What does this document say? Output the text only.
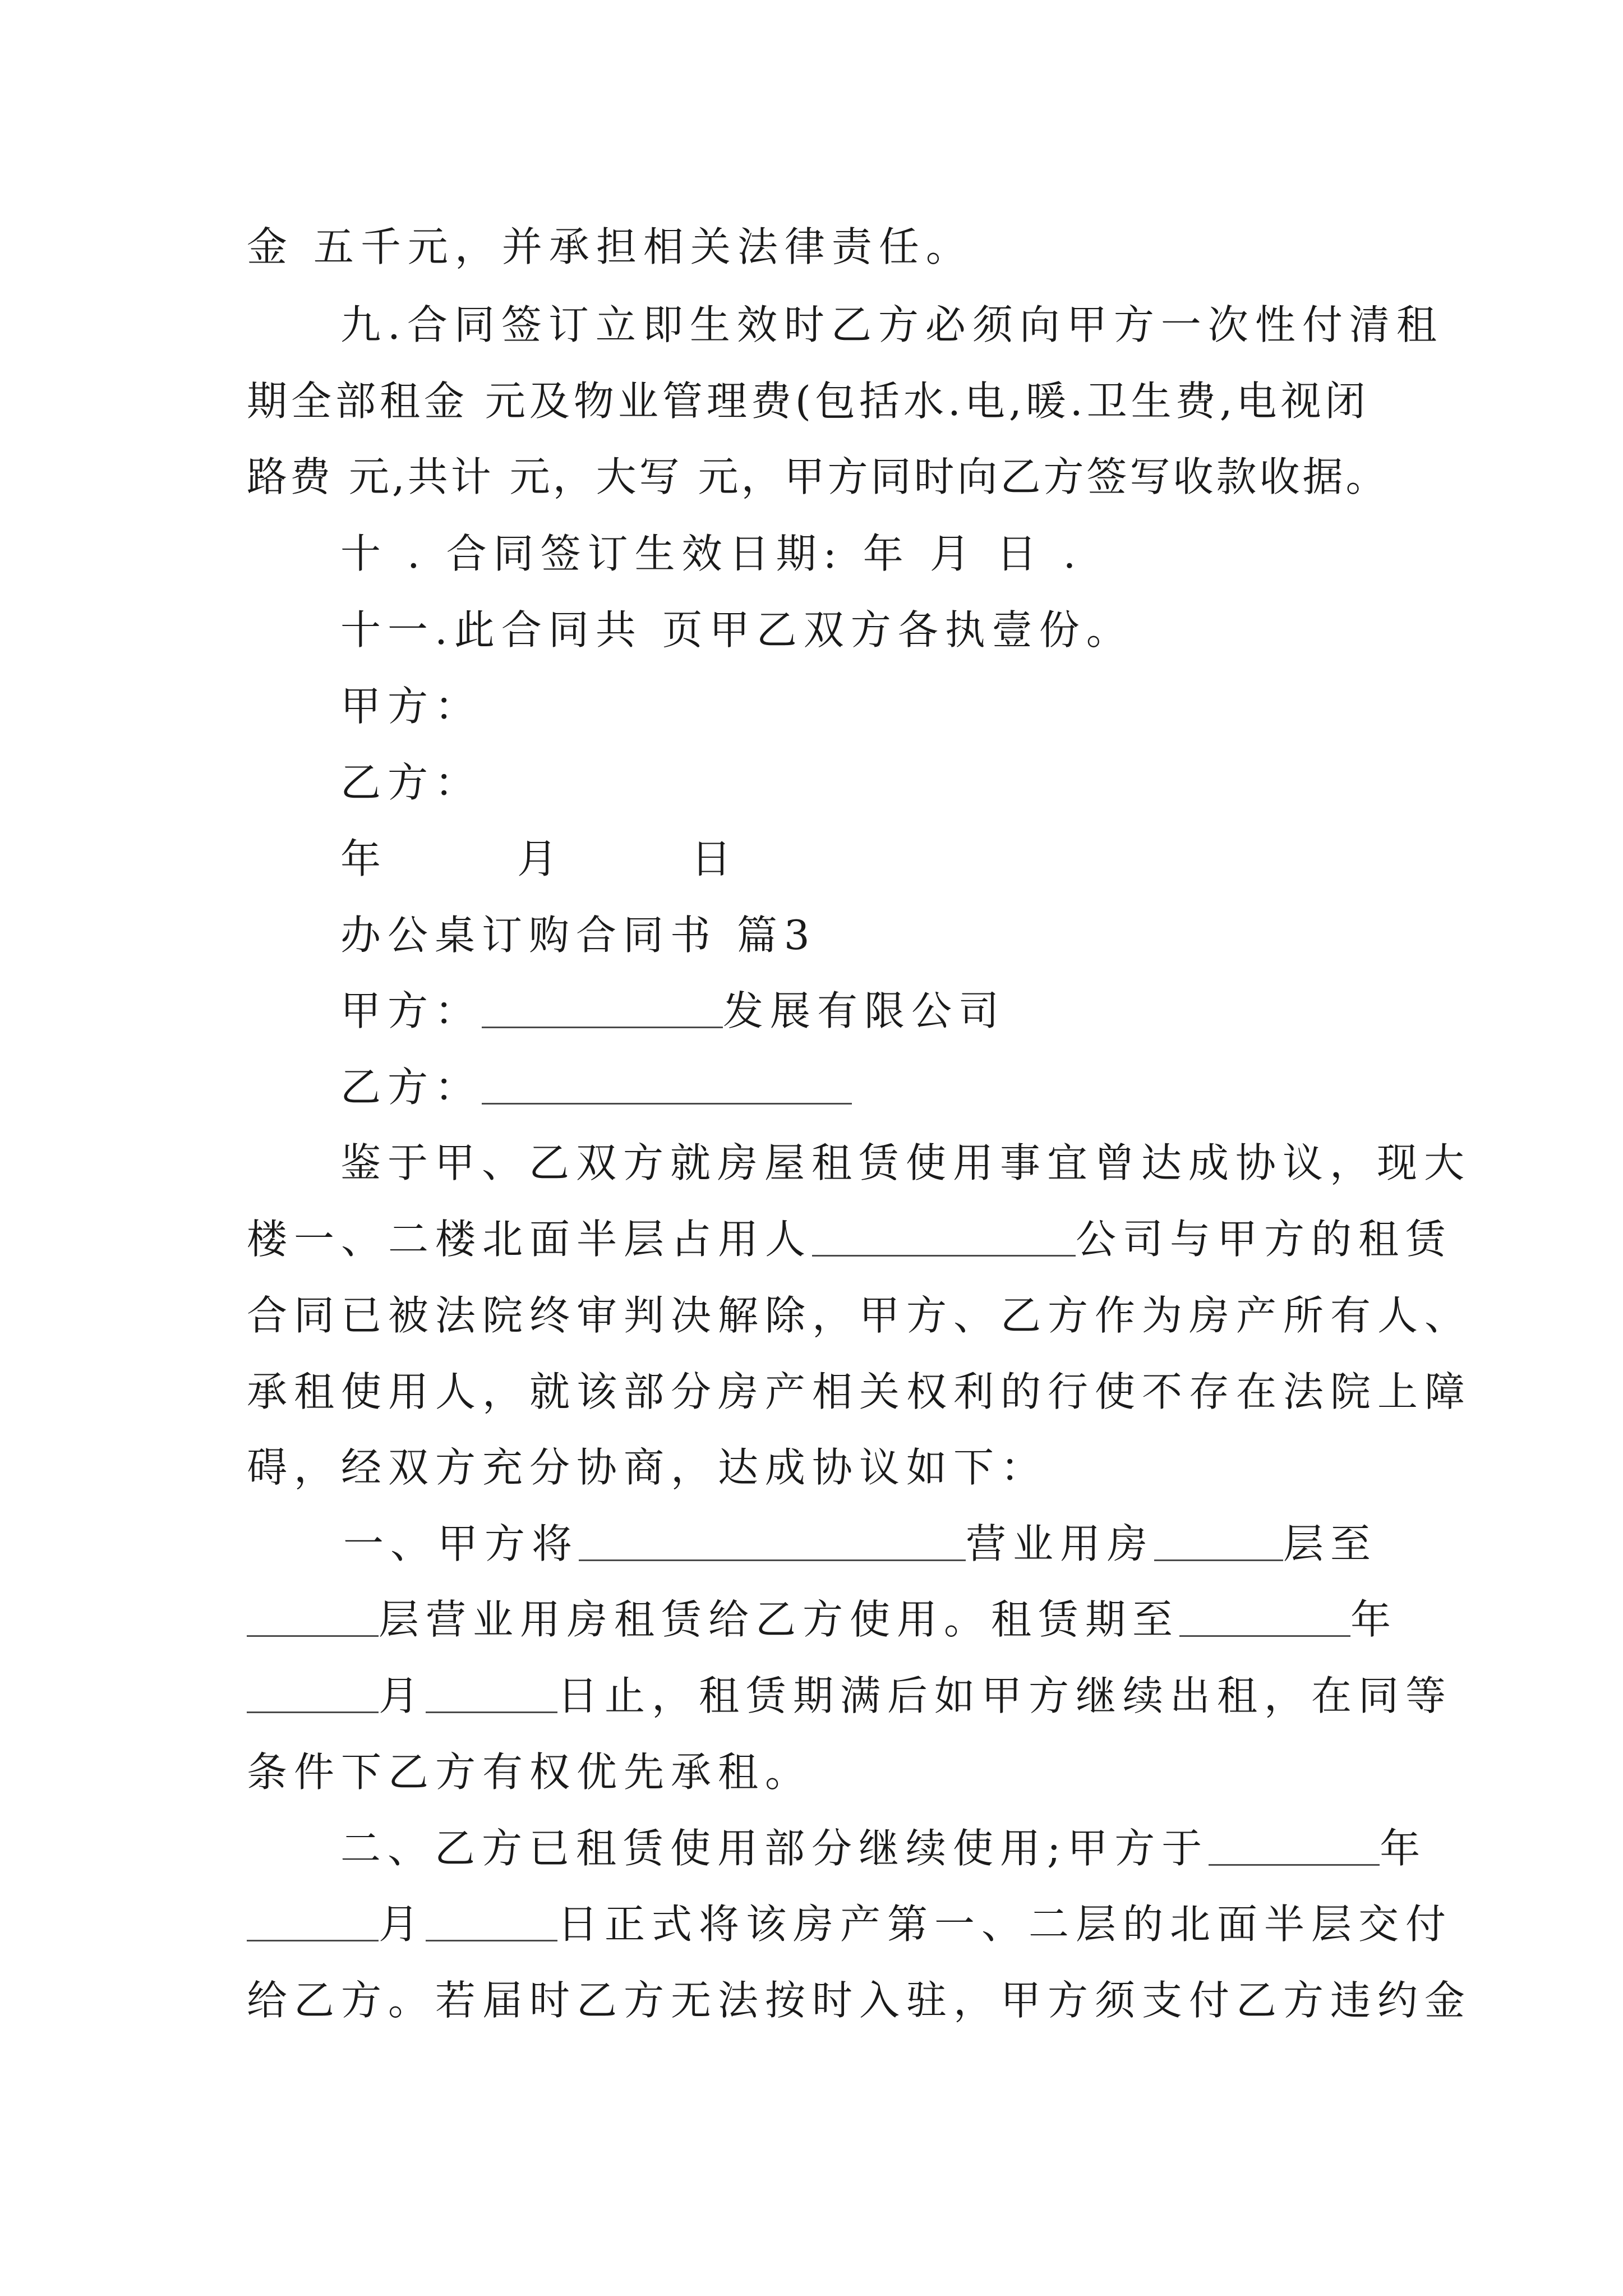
金 五千元，并承担相关法律责任。
九.合同签订立即生效时乙方必须向甲方一次性付清租
期全部租金 元及物业管理费(包括水.电,暖.卫生费,电视闭
路费 元,共计 元，大写 元，甲方同时向乙方签写收款收据。
十 . 合同签订生效日期: 年 月 日 .
十一.此合同共 页甲乙双方各执壹份。
甲方：
乙方：
年	月	日
办公桌订购合同书 篇3
甲方：	发展有限公司
乙方：
鉴于甲、乙双方就房屋租赁使用事宜曾达成协议，现大
楼一、二楼北面半层占用人	公司与甲方的租赁
合同已被法院终审判决解除，甲方、乙方作为房产所有人、
承租使用人，就该部分房产相关权利的行使不存在法院上障
碍，经双方充分协商，达成协议如下：
一、甲方将	营业用房	层至
层营业用房租赁给乙方使用。租赁期至	年
月	日止，租赁期满后如甲方继续出租，在同等
条件下乙方有权优先承租。
二、乙方已租赁使用部分继续使用;甲方于	年
月	日正式将该房产第一、二层的北面半层交付
给乙方。若届时乙方无法按时入驻，甲方须支付乙方违约金
